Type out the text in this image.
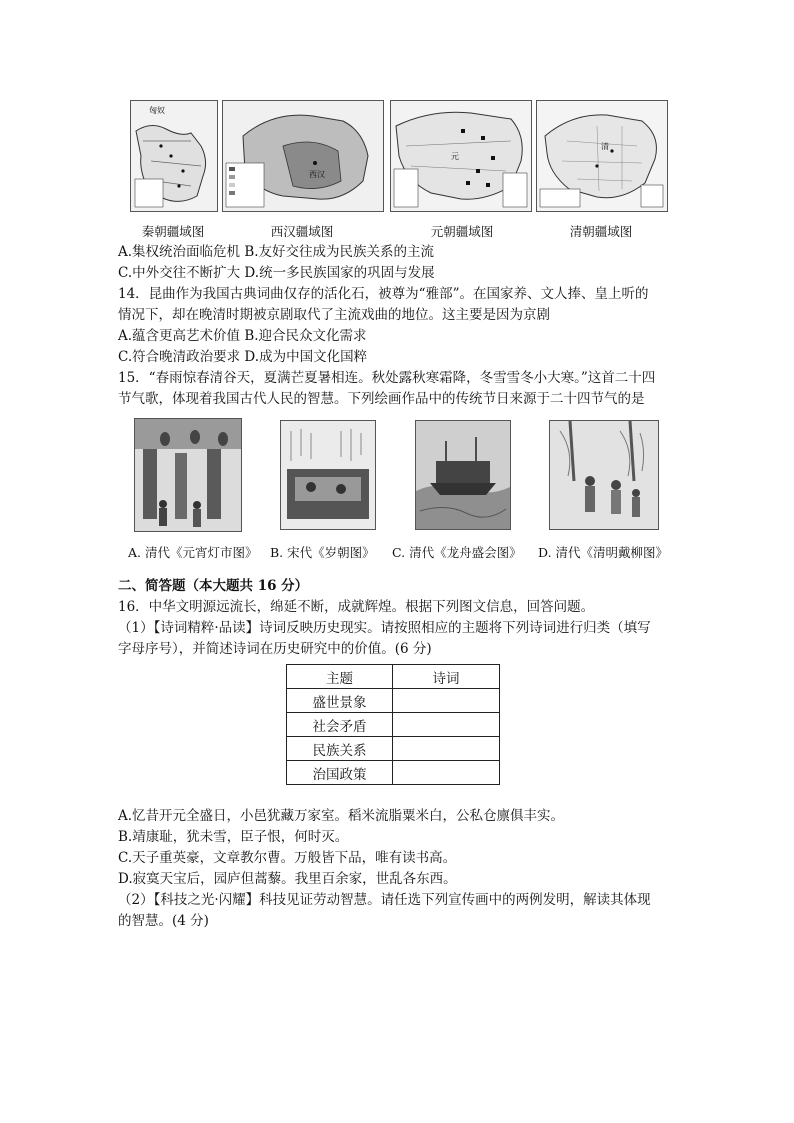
匈奴
西汉
元
清
秦朝疆域图	西汉疆域图	元朝疆域图	清朝疆域图
A.集权统治面临危机 B.友好交往成为民族关系的主流
C.中外交往不断扩大 D.统一多民族国家的巩固与发展
14．昆曲作为我国古典词曲仅存的活化石，被尊为“雅部”。在国家养、文人捧、皇上听的
情况下，却在晚清时期被京剧取代了主流戏曲的地位。这主要是因为京剧
A.蕴含更高艺术价值 B.迎合民众文化需求
C.符合晚清政治要求 D.成为中国文化国粹
15．“春雨惊春清谷天，夏满芒夏暑相连。秋处露秋寒霜降，冬雪雪冬小大寒。”这首二十四
节气歌，体现着我国古代人民的智慧。下列绘画作品中的传统节日来源于二十四节气的是
A. 清代《元宵灯市图》	B. 宋代《岁朝图》	C. 清代《龙舟盛会图》	D. 清代《清明戴柳图》
二、简答题（本大题共 16 分）
16．中华文明源远流长，绵延不断，成就辉煌。根据下列图文信息，回答问题。
（1）【诗词精粹·品读】诗词反映历史现实。请按照相应的主题将下列诗词进行归类（填写
字母序号），并简述诗词在历史研究中的价值。(6 分)
主题	诗词
盛世景象	
社会矛盾	
民族关系	
治国政策	
A.忆昔开元全盛日，小邑犹藏万家室。稻米流脂粟米白，公私仓廪俱丰实。
B.靖康耻，犹未雪，臣子恨，何时灭。
C.天子重英豪，文章教尔曹。万般皆下品，唯有读书高。
D.寂寞天宝后，园庐但蒿藜。我里百余家，世乱各东西。
（2）【科技之光·闪耀】科技见证劳动智慧。请任选下列宣传画中的两例发明，解读其体现
的智慧。(4 分)
